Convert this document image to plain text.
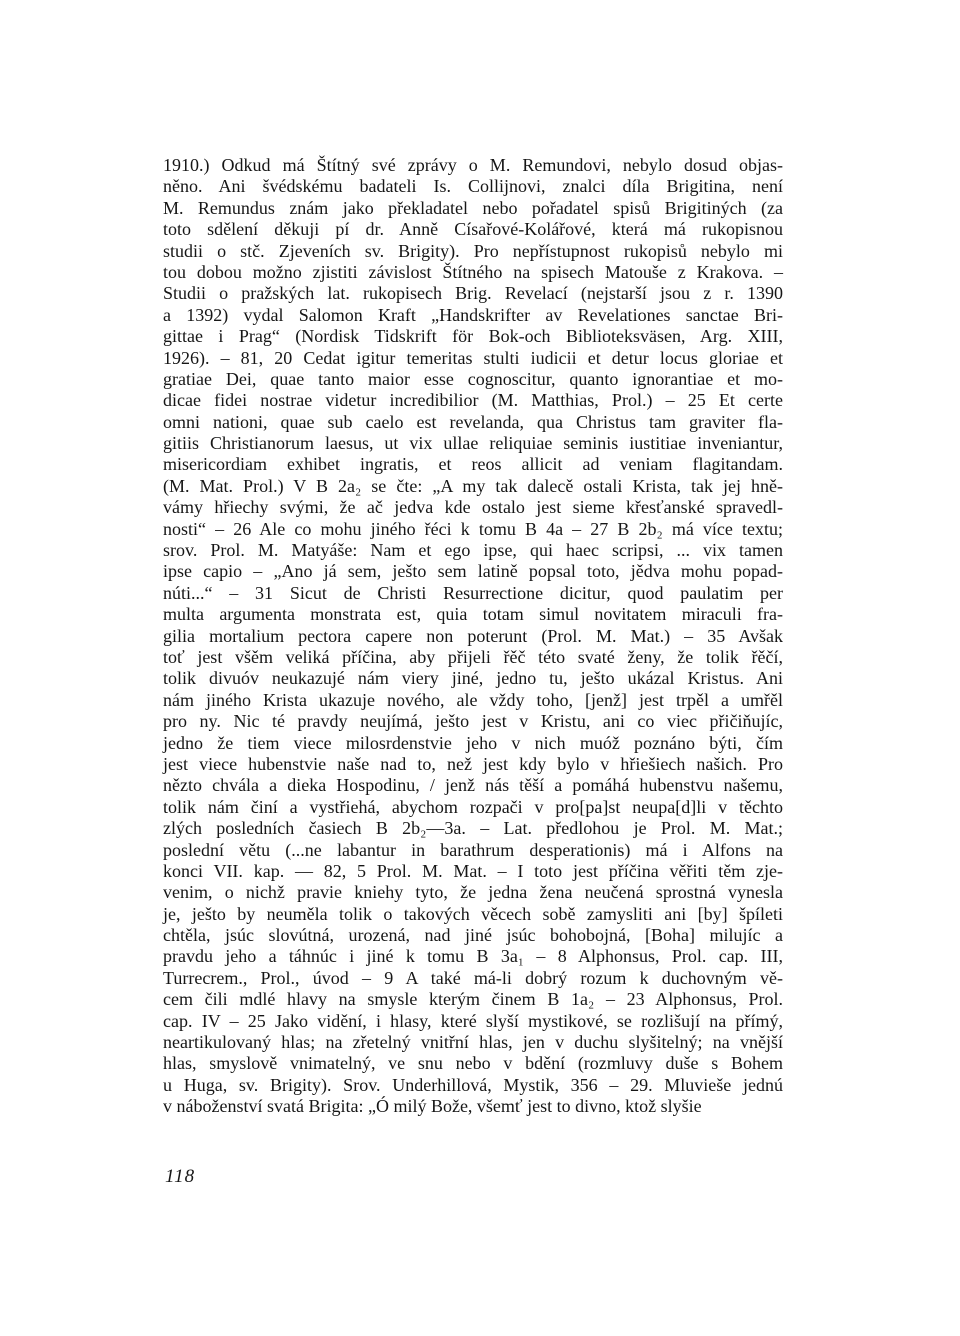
1910.) Odkud má Štítný své zprávy o M. Remundovi, nebylo dosud objas-
něno. Ani švédskému badateli Is. Collijnovi, znalci díla Brigitina, není
M. Remundus znám jako překladatel nebo pořadatel spisů Brigitiných (za
toto sdělení děkuji pí dr. Anně Císařové-Kolářové, která má rukopisnou
studii o stč. Zjeveních sv. Brigity). Pro nepřístupnost rukopisů nebylo mi
tou dobou možno zjistiti závislost Štítného na spisech Matouše z Krakova. –
Studii o pražských lat. rukopisech Brig. Revelací (nejstarší jsou z r. 1390
a 1392) vydal Salomon Kraft „Handskrifter av Revelationes sanctae Bri-
gittae i Prag“ (Nordisk Tidskrift för Bok-och Biblioteksväsen, Arg. XIII,
1926). – 81, 20 Cedat igitur temeritas stulti iudicii et detur locus gloriae et
gratiae Dei, quae tanto maior esse cognoscitur, quanto ignorantiae et mo-
dicae fidei nostrae videtur incredibilior (M. Matthias, Prol.) – 25 Et certe
omni nationi, quae sub caelo est revelanda, qua Christus tam graviter fla-
gitiis Christianorum laesus, ut vix ullae reliquiae seminis iustitiae inveniantur,
misericordiam exhibet ingratis, et reos allicit ad veniam flagitandam.
(M. Mat. Prol.) V B 2a₂ se čte: „A my tak dalecě ostali Krista, tak jej hně-
vámy hřiechy svými, že ač jedva kde ostalo jest sieme křesťanské spravedl-
nosti“ – 26 Ale co mohu jiného řéci k tomu B 4a – 27 B 2b₂ má více textu;
srov. Prol. M. Matyáše: Nam et ego ipse, qui haec scripsi, ... vix tamen
ipse capio – „Ano já sem, ješto sem latině popsal toto, jědva mohu popad-
núti...“ – 31 Sicut de Christi Resurrectione dicitur, quod paulatim per
multa argumenta monstrata est, quia totam simul novitatem miraculi fra-
gilia mortalium pectora capere non poterunt (Prol. M. Mat.) – 35 Avšak
toť jest všěm veliká příčina, aby přijeli řěč této svaté ženy, že tolik řěčí,
tolik divuóv neukazujé nám viery jiné, jedno tu, ješto ukázal Kristus. Ani
nám jiného Krista ukazuje nového, ale vždy toho, [jenž] jest trpěl a umřěl
pro ny. Nic té pravdy neujímá, ješto jest v Kristu, ani co viec přičiňujíc,
jedno že tiem viece milosrdenstvie jeho v nich muóž poznáno býti, čím
jest viece hubenstvie naše nad to, než jest kdy bylo v hřiešiech našich. Pro
nězto chvála a dieka Hospodinu, / jenž nás těší a pomáhá hubenstvu našemu,
tolik nám činí a vystřiehá, abychom rozpači v pro[pa]st neupa[d]li v těchto
zlých posledních časiech B 2b₂—3a. – Lat. předlohou je Prol. M. Mat.;
poslední větu (...ne labantur in barathrum desperationis) má i Alfons na
konci VII. kap. — 82, 5 Prol. M. Mat. – I toto jest příčina věřiti těm zje-
venim, o nichž pravie kniehy tyto, že jedna žena neučená sprostná vynesla
je, ješto by neuměla tolik o takových věcech sobě zamysliti ani [by] špíleti
chtěla, jsúc slovútná, urozená, nad jiné jsúc bohobojná, [Boha] milujíc a
pravdu jeho a táhnúc i jiné k tomu B 3a₁ – 8 Alphonsus, Prol. cap. III,
Turrecrem., Prol., úvod – 9 A také má-li dobrý rozum k duchovným vě-
cem čili mdlé hlavy na smysle kterým činem B 1a₂ – 23 Alphonsus, Prol.
cap. IV – 25 Jako vidění, i hlasy, které slyší mystikové, se rozlišují na přímý,
neartikulovaný hlas; na zřetelný vnitřní hlas, jen v duchu slyšitelný; na vnější
hlas, smyslově vnimatelný, ve snu nebo v bdění (rozmluvy duše s Bohem
u Huga, sv. Brigity). Srov. Underhillová, Mystik, 356 – 29. Mluviešе jednú
v náboženství svatá Brigita: „Ó milý Bože, všemť jest to divno, ktož slyšie
118
